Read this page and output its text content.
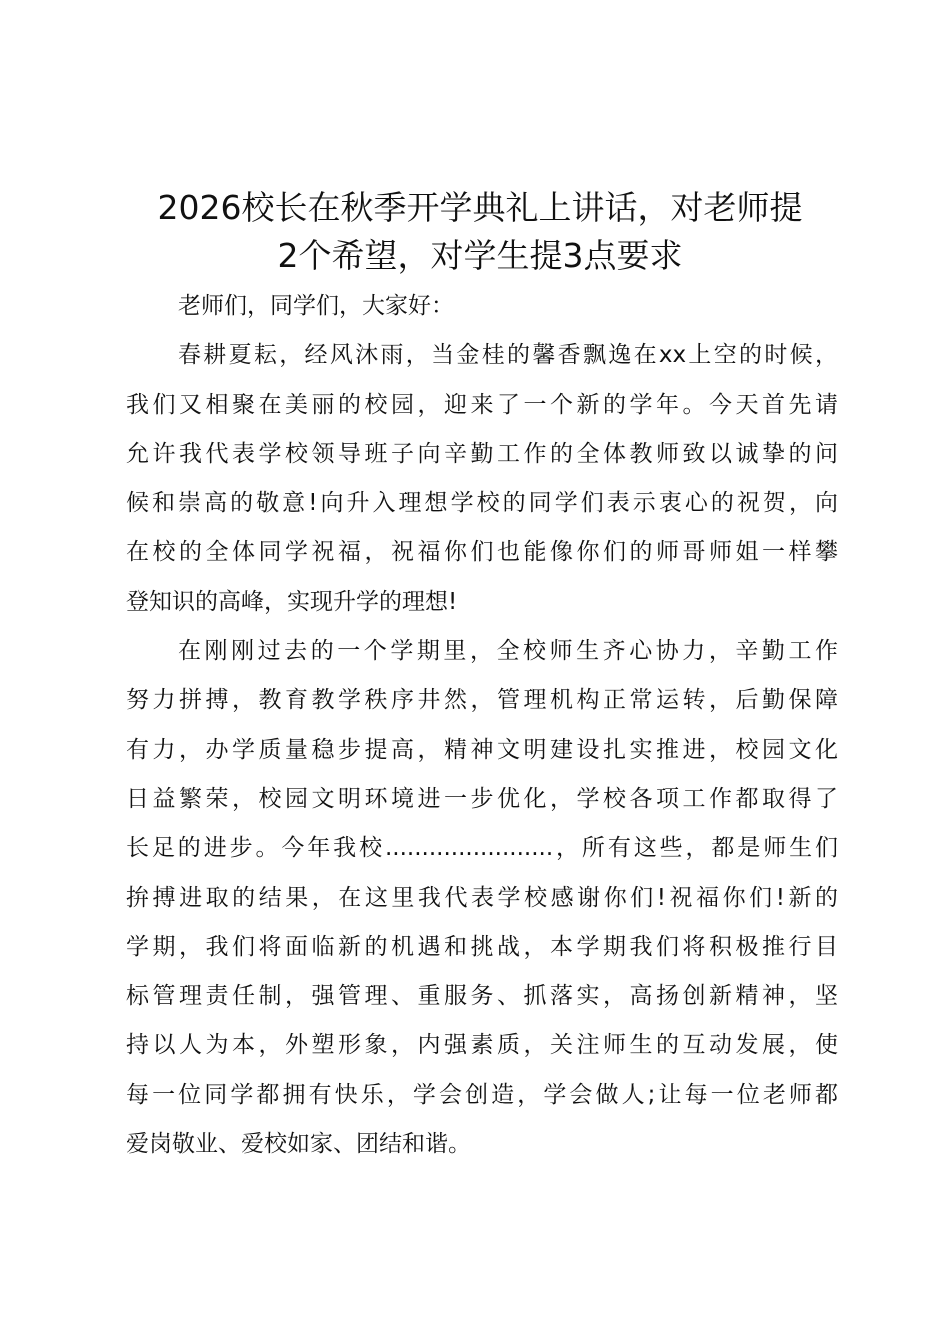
2026校长在秋季开学典礼上讲话，对老师提
2个希望，对学生提3点要求
老师们，同学们，大家好：
春耕夏耘，经风沐雨，当金桂的馨香飘逸在xx上空的时候，
我们又相聚在美丽的校园，迎来了一个新的学年。今天首先请
允许我代表学校领导班子向辛勤工作的全体教师致以诚挚的问
候和崇高的敬意!向升入理想学校的同学们表示衷心的祝贺，向
在校的全体同学祝福，祝福你们也能像你们的师哥师姐一样攀
登知识的高峰，实现升学的理想!
在刚刚过去的一个学期里，全校师生齐心协力，辛勤工作
努力拼搏，教育教学秩序井然，管理机构正常运转，后勤保障
有力，办学质量稳步提高，精神文明建设扎实推进，校园文化
日益繁荣，校园文明环境进一步优化，学校各项工作都取得了
长足的进步。今年我校.......................，所有这些，都是师生们
拚搏进取的结果，在这里我代表学校感谢你们!祝福你们!新的
学期，我们将面临新的机遇和挑战，本学期我们将积极推行目
标管理责任制，强管理、重服务、抓落实，高扬创新精神，坚
持以人为本，外塑形象，内强素质，关注师生的互动发展，使
每一位同学都拥有快乐，学会创造，学会做人;让每一位老师都
爱岗敬业、爱校如家、团结和谐。
